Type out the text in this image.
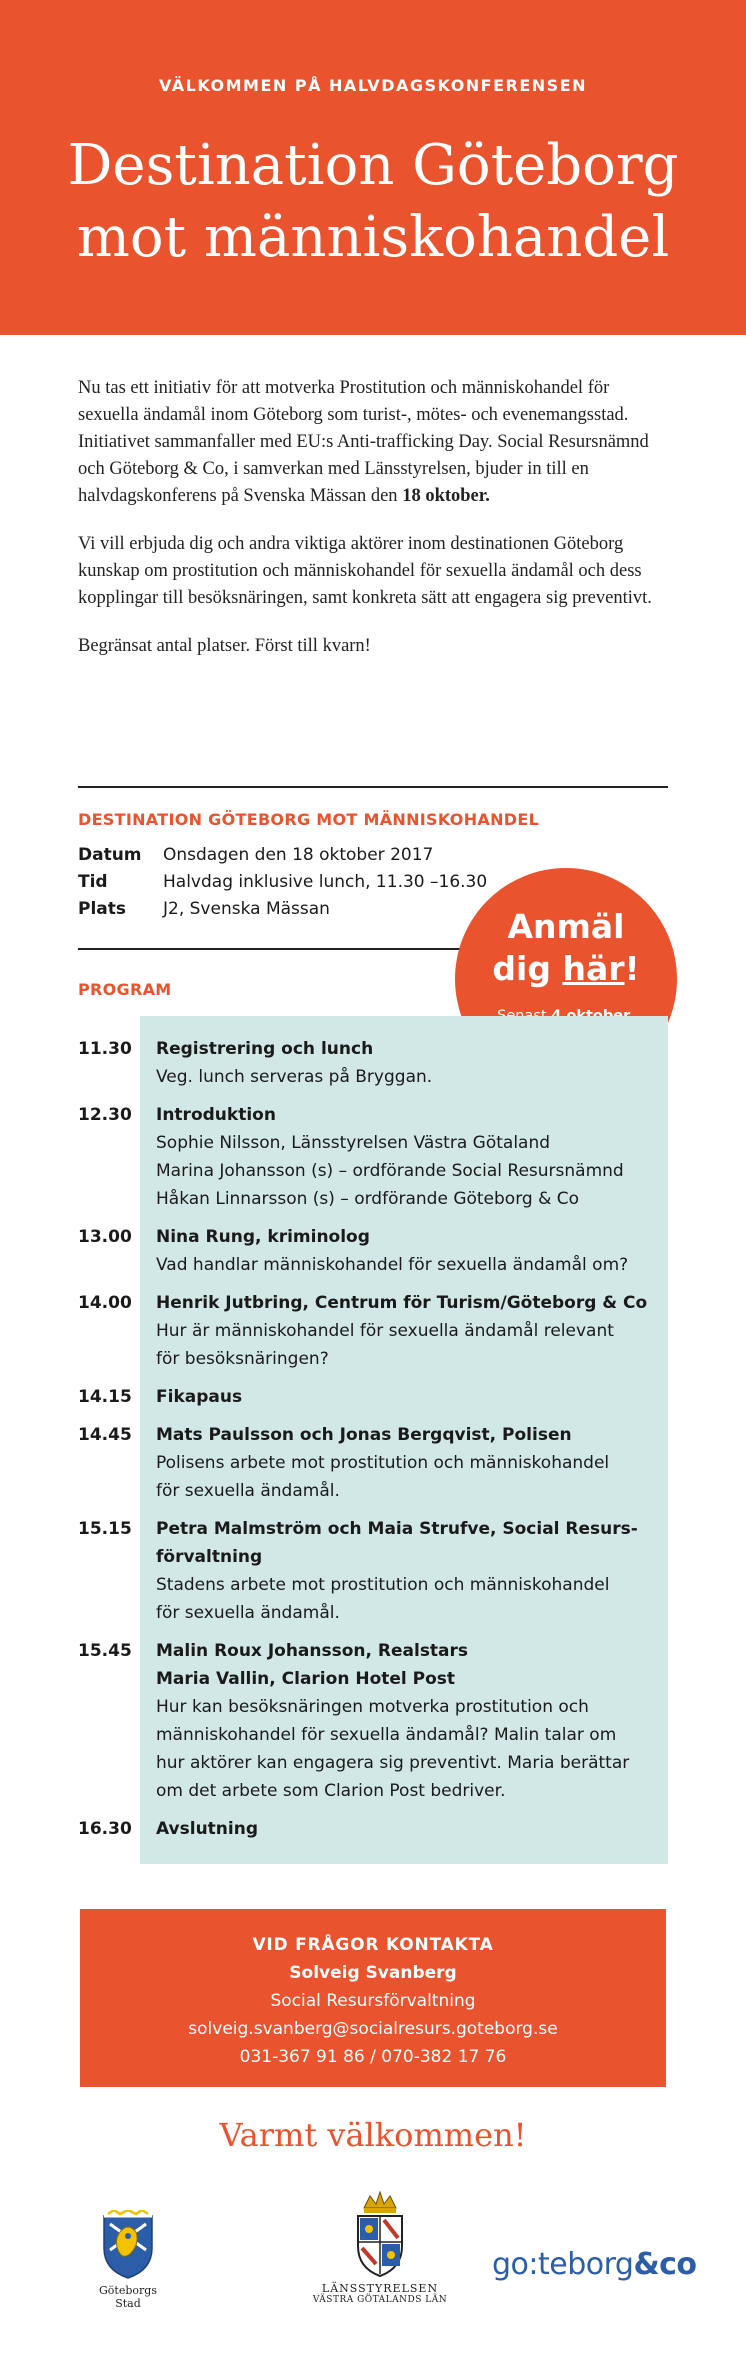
VÄLKOMMEN PÅ HALVDAGSKONFERENSEN
Destination Göteborg
mot människohandel

Nu tas ett initiativ för att motverka Prostitution och människohandel för sexuella ändamål inom Göteborg som turist-, mötes- och evenemangsstad. Initiativet sammanfaller med EU:s Anti-trafficking Day. Social Resursnämnd och Göteborg & Co, i samverkan med Länsstyrelsen, bjuder in till en halvdagskonferens på Svenska Mässan den 18 oktober.

Vi vill erbjuda dig och andra viktiga aktörer inom destinationen Göteborg kunskap om prostitution och människohandel för sexuella ändamål och dess kopplingar till besöksnäringen, samt konkreta sätt att engagera sig preventivt.

Begränsat antal platser. Först till kvarn!

DESTINATION GÖTEBORG MOT MÄNNISKOHANDEL
Datum	Onsdagen den 18 oktober 2017
Tid	Halvdag inklusive lunch, 11.30 –16.30
Plats	J2, Svenska Mässan	Anmäl
dig här!
PROGRAM
11.30	Registrering och lunch
Veg. lunch serveras på Bryggan.
12.30	Introduktion
Sophie Nilsson, Länsstyrelsen Västra Götaland
Marina Johansson (s) – ordförande Social Resursnämnd
Håkan Linnarsson (s) – ordförande Göteborg & Co
13.00	Nina Rung, kriminolog
Vad handlar människohandel för sexuella ändamål om?
14.00	Henrik Jutbring, Centrum för Turism/Göteborg & Co
Hur är människohandel för sexuella ändamål relevant
för besöksnäringen?
14.15	Fikapaus
14.45	Mats Paulsson och Jonas Bergqvist, Polisen
Polisens arbete mot prostitution och människohandel
för sexuella ändamål.
15.15	Petra Malmström och Maia Strufve, Social Resurs-
förvaltning
Stadens arbete mot prostitution och människohandel
för sexuella ändamål.
15.45	Malin Roux Johansson, Realstars
Maria Vallin, Clarion Hotel Post
Hur kan besöksnäringen motverka prostitution och
människohandel för sexuella ändamål? Malin talar om
hur aktörer kan engagera sig preventivt. Maria berättar
om det arbete som Clarion Post bedriver.
16.30	Avslutning
VID FRÅGOR KONTAKTA
Solveig Svanberg
Social Resursförvaltning
solveig.svanberg@socialresurs.goteborg.se
031-367 91 86 / 070-382 17 76
Varmt välkommen!
Göteborgs
Stad
LÄNSSTYRELSEN
VÄSTRA GÖTALANDS LÄN
go:teborg&co
